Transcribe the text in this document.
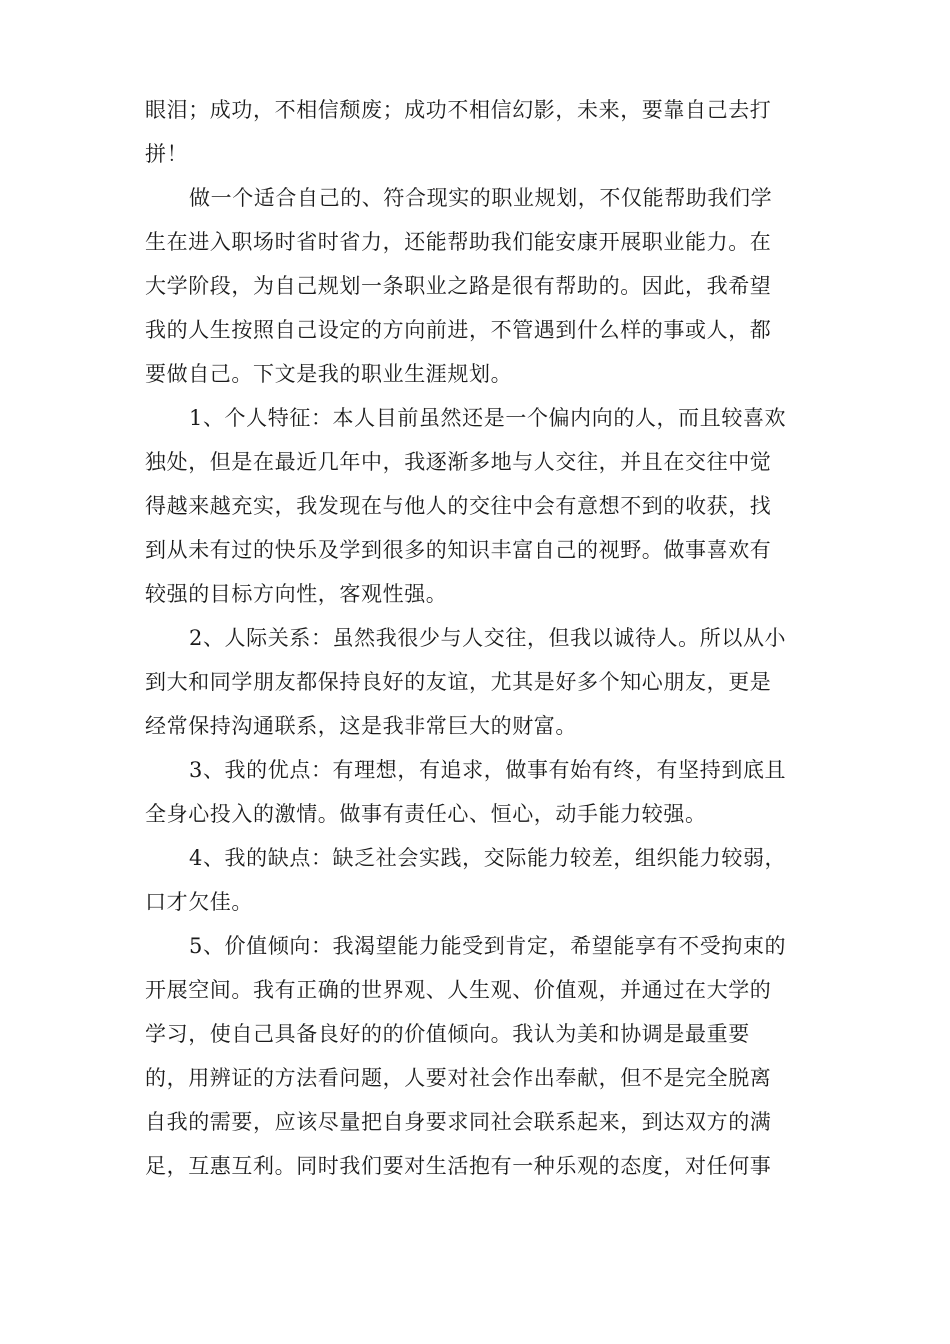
眼泪；成功，不相信颓废；成功不相信幻影，未来，要靠自己去打
拼！
做一个适合自己的、符合现实的职业规划，不仅能帮助我们学
生在进入职场时省时省力，还能帮助我们能安康开展职业能力。在
大学阶段，为自己规划一条职业之路是很有帮助的。因此，我希望
我的人生按照自己设定的方向前进，不管遇到什么样的事或人，都
要做自己。下文是我的职业生涯规划。
1、个人特征：本人目前虽然还是一个偏内向的人，而且较喜欢
独处，但是在最近几年中，我逐渐多地与人交往，并且在交往中觉
得越来越充实，我发现在与他人的交往中会有意想不到的收获，找
到从未有过的快乐及学到很多的知识丰富自己的视野。做事喜欢有
较强的目标方向性，客观性强。
2、人际关系：虽然我很少与人交往，但我以诚待人。所以从小
到大和同学朋友都保持良好的友谊，尤其是好多个知心朋友，更是
经常保持沟通联系，这是我非常巨大的财富。
3、我的优点：有理想，有追求，做事有始有终，有坚持到底且
全身心投入的激情。做事有责任心、恒心，动手能力较强。
4、我的缺点：缺乏社会实践，交际能力较差，组织能力较弱，
口才欠佳。
5、价值倾向：我渴望能力能受到肯定，希望能享有不受拘束的
开展空间。我有正确的世界观、人生观、价值观，并通过在大学的
学习，使自己具备良好的的价值倾向。我认为美和协调是最重要
的，用辨证的方法看问题，人要对社会作出奉献，但不是完全脱离
自我的需要，应该尽量把自身要求同社会联系起来，到达双方的满
足，互惠互利。同时我们要对生活抱有一种乐观的态度，对任何事
